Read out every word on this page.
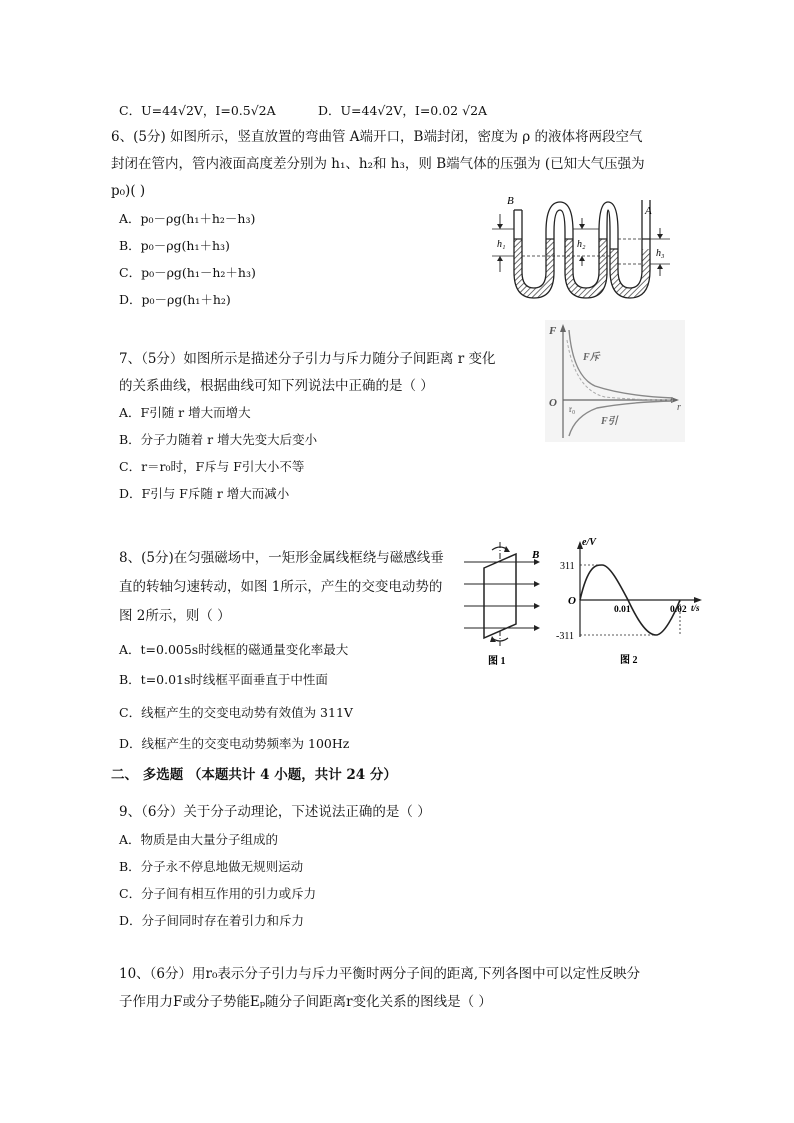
C．U=44√2V，I=0.5√2A	D．U=44√2V，I=0.02 √2A
6、(5分) 如图所示，竖直放置的弯曲管 A端开口，B端封闭，密度为 ρ 的液体将两段空气
封闭在管内，管内液面高度差分别为 h₁、h₂和 h₃，则 B端气体的压强为 (已知大气压强为
p₀)( )
A．p₀－ρg(h₁＋h₂－h₃)
B．p₀－ρg(h₁＋h₃)
C．p₀－ρg(h₁－h₂＋h₃)
D．p₀－ρg(h₁＋h₂)
B
A
h₁	h₂
h₃
7、（5分）如图所示是描述分子引力与斥力随分子间距离 r 变化
的关系曲线，根据曲线可知下列说法中正确的是（ ）
A．F引随 r 增大而增大
B．分子力随着 r 增大先变大后变小
C．r＝r₀时，F斥与 F引大小不等
D．F引与 F斥随 r 增大而减小
F
O r₀	r
F斥
F引
8、(5分)在匀强磁场中，一矩形金属线框绕与磁感线垂
直的转轴匀速转动，如图 1所示，产生的交变电动势的
图 2所示，则（ ）
A．t=0.005s时线框的磁通量变化率最大
B．t=0.01s时线框平面垂直于中性面
C．线框产生的交变电动势有效值为 311V
D．线框产生的交变电动势频率为 100Hz
B
图 1
e/V
311
-311
O
0.01	0.02 t/s
图 2
二、 多选题 （本题共计 4 小题，共计 24 分）
9、（6分）关于分子动理论，下述说法正确的是（ ）
A．物质是由大量分子组成的
B．分子永不停息地做无规则运动
C．分子间有相互作用的引力或斥力
D．分子间同时存在着引力和斥力
10、（6分）用r₀表示分子引力与斥力平衡时两分子间的距离,下列各图中可以定性反映分
子作用力F或分子势能Eₚ随分子间距离r变化关系的图线是（ ）
